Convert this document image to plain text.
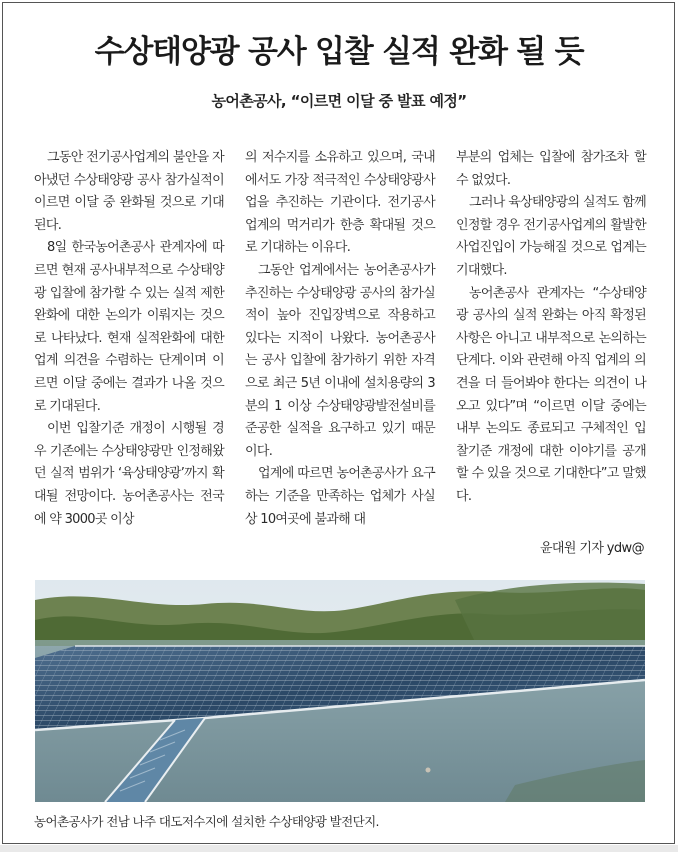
수상태양광 공사 입찰 실적 완화 될 듯
농어촌공사, “이르면 이달 중 발표 예정”

그동안 전기공사업계의 불안을 자아냈던 수상태양광 공사 참가실적이 이르면 이달 중 완화될 것으로 기대된다.

8일 한국농어촌공사 관계자에 따르면 현재 공사내부적으로 수상태양광 입찰에 참가할 수 있는 실적 제한 완화에 대한 논의가 이뤄지는 것으로 나타났다. 현재 실적완화에 대한 업계 의견을 수렴하는 단계이며 이르면 이달 중에는 결과가 나올 것으로 기대된다.

이번 입찰기준 개정이 시행될 경우 기존에는 수상태양광만 인정해왔던 실적 범위가 ‘육상태양광’까지 확대될 전망이다. 농어촌공사는 전국에 약 3000곳 이상

의 저수지를 소유하고 있으며, 국내에서도 가장 적극적인 수상태양광사업을 추진하는 기관이다. 전기공사업계의 먹거리가 한층 확대될 것으로 기대하는 이유다.

그동안 업계에서는 농어촌공사가 추진하는 수상태양광 공사의 참가실적이 높아 진입장벽으로 작용하고 있다는 지적이 나왔다. 농어촌공사는 공사 입찰에 참가하기 위한 자격으로 최근 5년 이내에 설치용량의 3분의 1 이상 수상태양광발전설비를 준공한 실적을 요구하고 있기 때문이다.

업계에 따르면 농어촌공사가 요구하는 기준을 만족하는 업체가 사실상 10여곳에 불과해 대

부분의 업체는 입찰에 참가조차 할 수 없었다.

그러나 육상태양광의 실적도 함께 인정할 경우 전기공사업계의 활발한 사업진입이 가능해질 것으로 업계는 기대했다.

농어촌공사 관계자는 “수상태양광 공사의 실적 완화는 아직 확정된 사항은 아니고 내부적으로 논의하는 단계다. 이와 관련해 아직 업계의 의견을 더 들어봐야 한다는 의견이 나오고 있다”며 “이르면 이달 중에는 내부 논의도 종료되고 구체적인 입찰기준 개정에 대한 이야기를 공개할 수 있을 것으로 기대한다”고 말했다.

윤대원 기자 ydw@

농어촌공사가 전남 나주 대도저수지에 설치한 수상태양광 발전단지.
